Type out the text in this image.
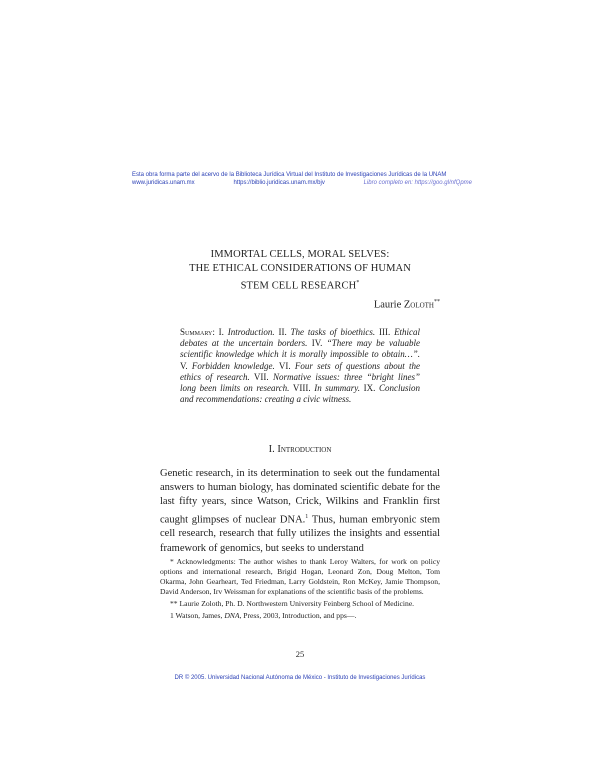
Esta obra forma parte del acervo de la Biblioteca Jurídica Virtual del Instituto de Investigaciones Jurídicas de la UNAM
www.juridicas.unam.mx	https://biblio.juridicas.unam.mx/bjv	Libro completo en: https://goo.gl/nfQpme
IMMORTAL CELLS, MORAL SELVES:
THE ETHICAL CONSIDERATIONS OF HUMAN
STEM CELL RESEARCH*
Laurie Zoloth**
Summary: I. Introduction. II. The tasks of bioethics. III. Ethical debates at the uncertain borders. IV. “There may be valuable scientific knowledge which it is morally impossible to obtain…”. V. Forbidden knowledge. VI. Four sets of questions about the ethics of research. VII. Normative issues: three “bright lines” long been limits on research. VIII. In summary. IX. Conclusion and recommendations: creating a civic witness.
I. Introduction
Genetic research, in its determination to seek out the fundamental answers to human biology, has dominated scientific debate for the last fifty years, since Watson, Crick, Wilkins and Franklin first caught glimpses of nuclear DNA.$^1$ Thus, human embryonic stem cell research, research that fully utilizes the insights and essential framework of genomics, but seeks to understand

* Acknowledgments: The author wishes to thank Leroy Walters, for work on policy options and international research, Brigid Hogan, Leonard Zon, Doug Melton, Tom Okarma, John Gearheart, Ted Friedman, Larry Goldstein, Ron McKey, Jamie Thompson, David Anderson, Irv Weissman for explanations of the scientific basis of the problems.

** Laurie Zoloth, Ph. D. Northwestern University Feinberg School of Medicine.

1 Watson, James, DNA, Press, 2003, Introduction, and pps—.

25
DR © 2005. Universidad Nacional Autónoma de México - Instituto de Investigaciones Jurídicas
